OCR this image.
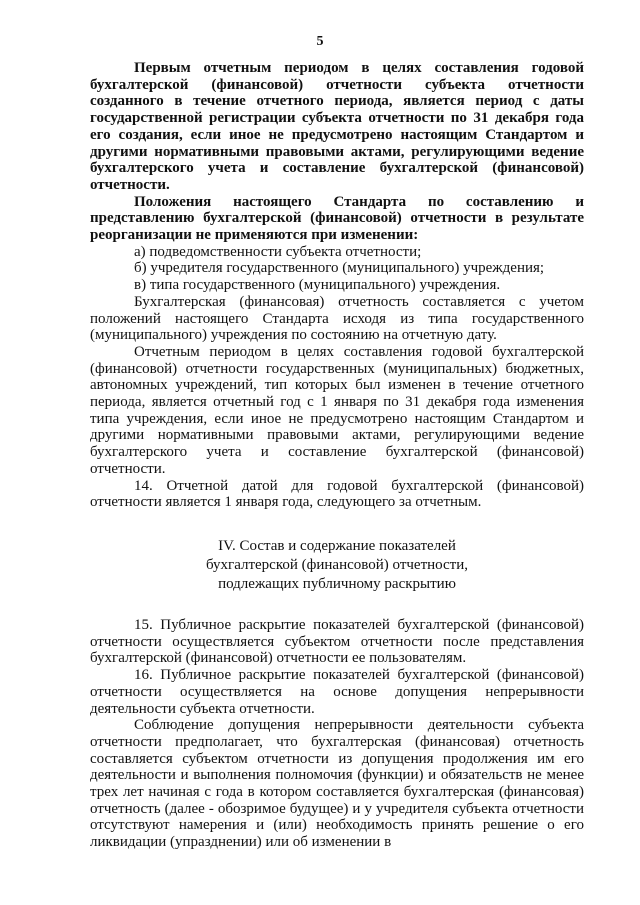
5

Первым отчетным периодом в целях составления годовой бухгалтерской (финансовой) отчетности субъекта отчетности созданного в течение отчетного периода, является период с даты государственной регистрации субъекта отчетности по 31 декабря года его создания, если иное не предусмотрено настоящим Стандартом и другими нормативными правовыми актами, регулирующими ведение бухгалтерского учета и составление бухгалтерской (финансовой) отчетности.

Положения настоящего Стандарта по составлению и представлению бухгалтерской (финансовой) отчетности в результате реорганизации не применяются при изменении:

а) подведомственности субъекта отчетности;

б) учредителя государственного (муниципального) учреждения;

в) типа государственного (муниципального) учреждения.

Бухгалтерская (финансовая) отчетность составляется с учетом положений настоящего Стандарта исходя из типа государственного (муниципального) учреждения по состоянию на отчетную дату.

Отчетным периодом в целях составления годовой бухгалтерской (финансовой) отчетности государственных (муниципальных) бюджетных, автономных учреждений, тип которых был изменен в течение отчетного периода, является отчетный год с 1 января по 31 декабря года изменения типа учреждения, если иное не предусмотрено настоящим Стандартом и другими нормативными правовыми актами, регулирующими ведение бухгалтерского учета и составление бухгалтерской (финансовой) отчетности.

14. Отчетной датой для годовой бухгалтерской (финансовой) отчетности является 1 января года, следующего за отчетным.

IV. Состав и содержание показателей

бухгалтерской (финансовой) отчетности,

подлежащих публичному раскрытию

15. Публичное раскрытие показателей бухгалтерской (финансовой) отчетности осуществляется субъектом отчетности после представления бухгалтерской (финансовой) отчетности ее пользователям.

16. Публичное раскрытие показателей бухгалтерской (финансовой) отчетности осуществляется на основе допущения непрерывности деятельности субъекта отчетности.

Соблюдение допущения непрерывности деятельности субъекта отчетности предполагает, что бухгалтерская (финансовая) отчетность составляется субъектом отчетности из допущения продолжения им его деятельности и выполнения полномочия (функции) и обязательств не менее трех лет начиная с года в котором составляется бухгалтерская (финансовая) отчетность (далее - обозримое будущее) и у учредителя субъекта отчетности отсутствуют намерения и (или) необходимость принять решение о его ликвидации (упразднении) или об изменении в
